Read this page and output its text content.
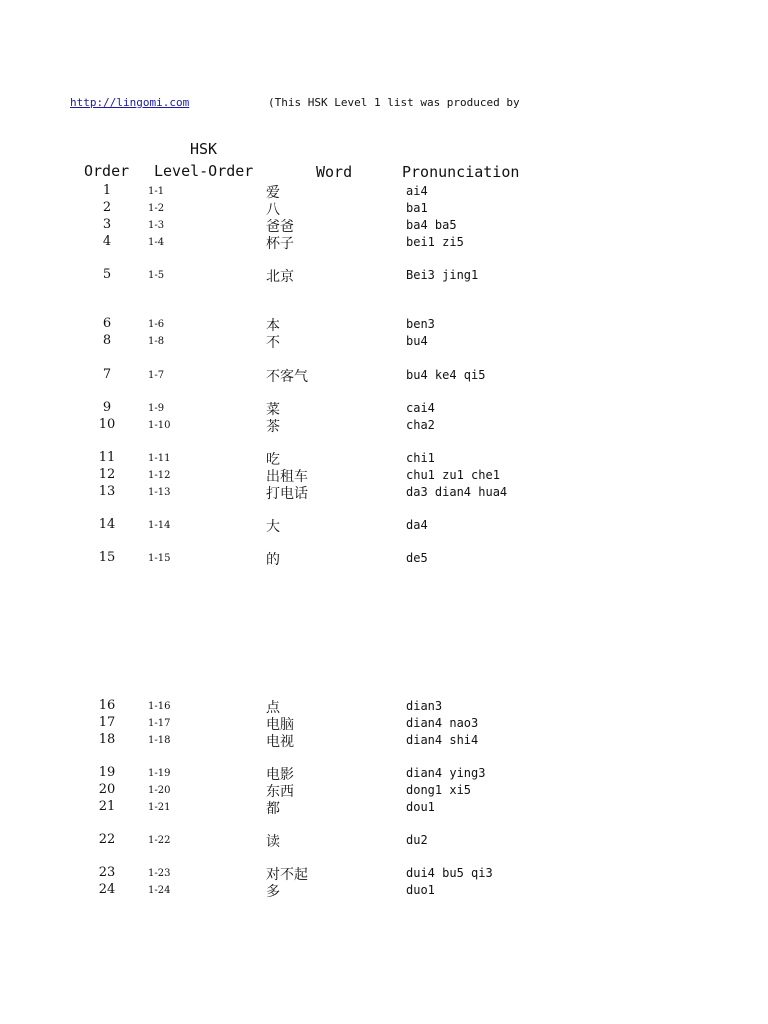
http://lingomi.com	(This HSK Level 1 list was produced by
HSK
Order Level-Order	Word	Pronunciation
1	1-1	爱	ai4
2	1-2	八	ba1
3	1-3	爸爸	ba4 ba5
4	1-4	杯子	bei1 zi5
5	1-5	北京	Bei3 jing1
6	1-6	本	ben3
8	1-8	不	bu4
7	1-7	不客气	bu4 ke4 qi5
9	1-9	菜	cai4
10	1-10	茶	cha2
11	1-11	吃	chi1
12	1-12	出租车	chu1 zu1 che1
13	1-13	打电话	da3 dian4 hua4
14	1-14	大	da4
15	1-15	的	de5
16	1-16	点	dian3
17	1-17	电脑	dian4 nao3
18	1-18	电视	dian4 shi4
19	1-19	电影	dian4 ying3
20	1-20	东西	dong1 xi5
21	1-21	都	dou1
22	1-22	读	du2
23	1-23	对不起	dui4 bu5 qi3
24	1-24	多	duo1
